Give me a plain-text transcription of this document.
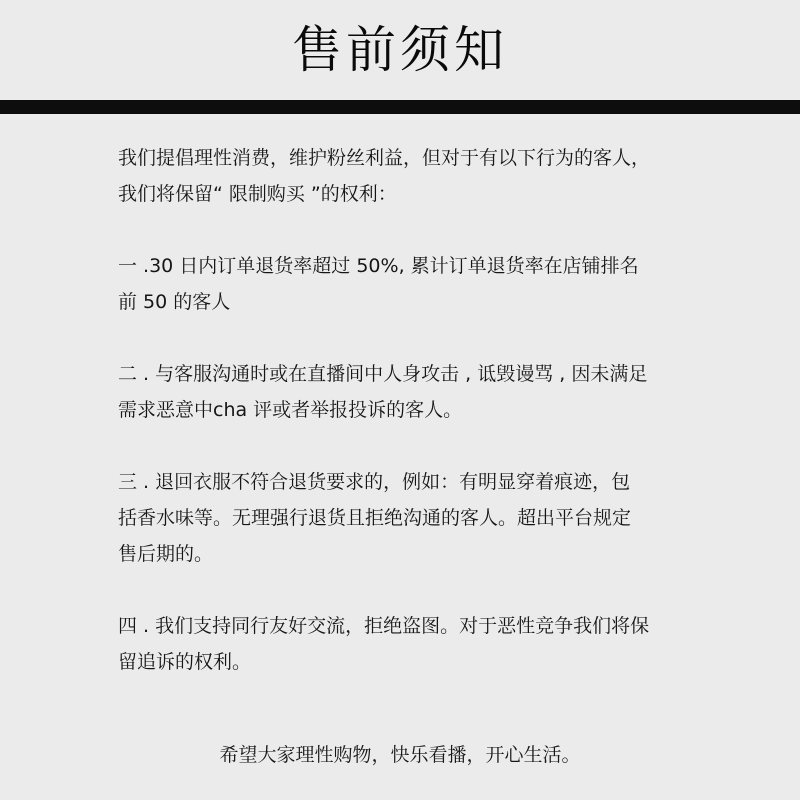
售前须知
我们提倡理性消费，维护粉丝利益，但对于有以下行为的客人，
我们将保留“ 限制购买 ”的权利：
一 .30 日内订单退货率超过 50%, 累计订单退货率在店铺排名
前 50 的客人
二 . 与客服沟通时或在直播间中人身攻击 , 诋毁谩骂 , 因未满足
需求恶意中cha 评或者举报投诉的客人。
三 . 退回衣服不符合退货要求的，例如：有明显穿着痕迹，包
括香水味等。无理强行退货且拒绝沟通的客人。超出平台规定
售后期的。
四 . 我们支持同行友好交流，拒绝盗图。对于恶性竞争我们将保
留追诉的权利。
希望大家理性购物，快乐看播，开心生活。
